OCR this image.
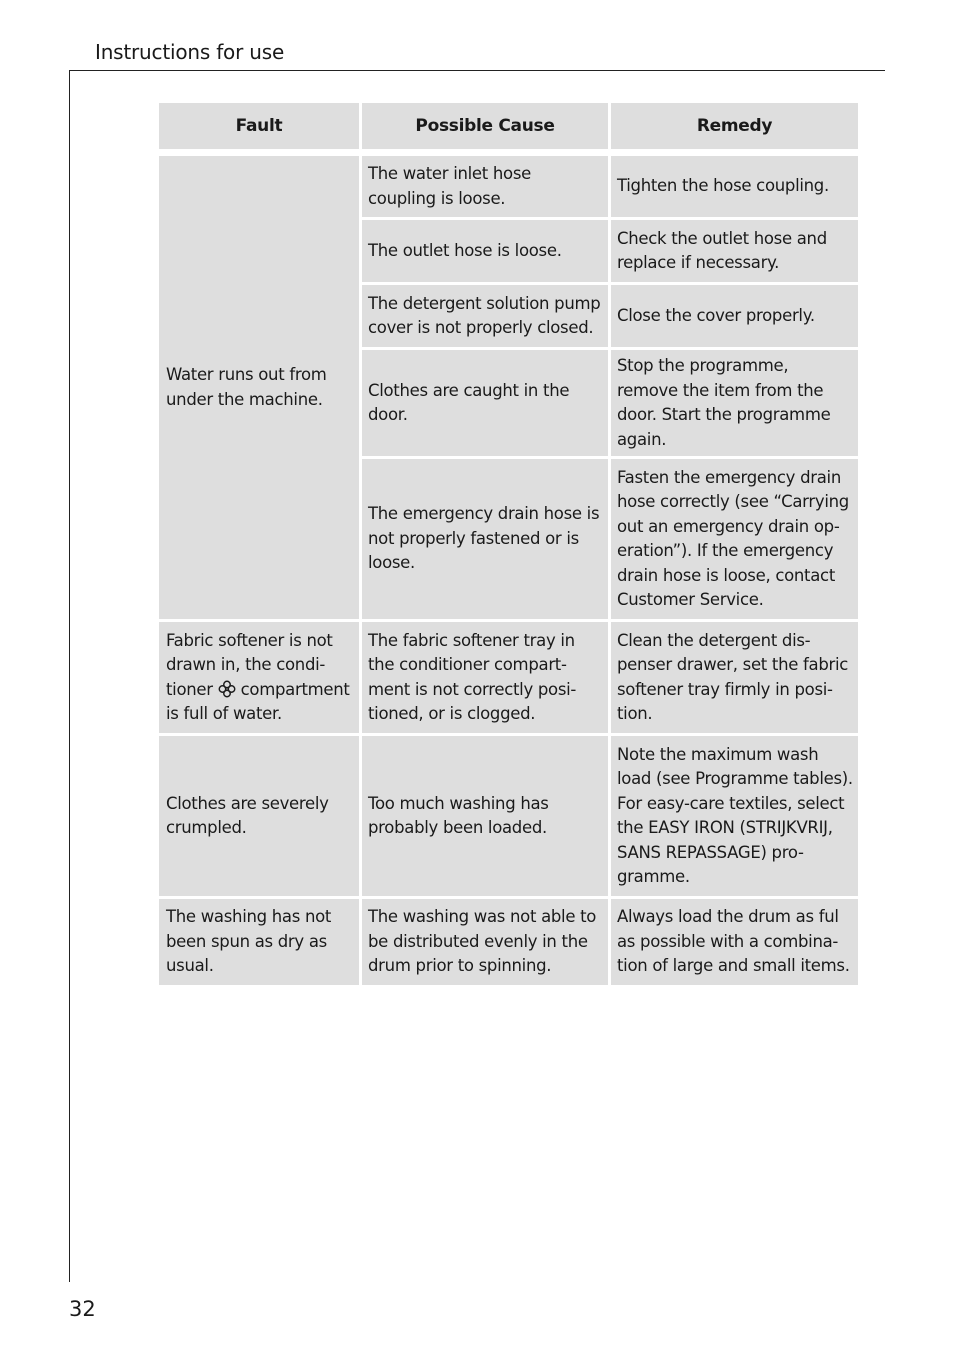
Instructions for use
Fault	Possible Cause	Remedy

Water runs out from under the machine.	The water inlet hose coupling is loose.	Tighten the hose coupling.
	The outlet hose is loose.	Check the outlet hose and replace if necessary.
	The detergent solution pump cover is not properly closed.	Close the cover properly.
	Clothes are caught in the door.	Stop the programme, remove the item from the door. Start the programme again.
	The emergency drain hose is not properly fastened or is loose.	Fasten the emergency drain hose correctly (see “Carrying out an emergency drain op-eration”). If the emergency drain hose is loose, contact Customer Service.
Fabric softener is not drawn in, the condi-tioner compartment is full of water.	The fabric softener tray in the conditioner compart-ment is not correctly posi-tioned, or is clogged.	Clean the detergent dis-penser drawer, set the fabric softener tray firmly in posi-tion.
Clothes are severely crumpled.	Too much washing has probably been loaded.	Note the maximum wash load (see Programme tables). For easy-care textiles, select the EASY IRON (STRIJKVRIJ, SANS REPASSAGE) pro-gramme.
The washing has not been spun as dry as usual.	The washing was not able to be distributed evenly in the drum prior to spinning.	Always load the drum as ful as possible with a combina-tion of large and small items.
32
